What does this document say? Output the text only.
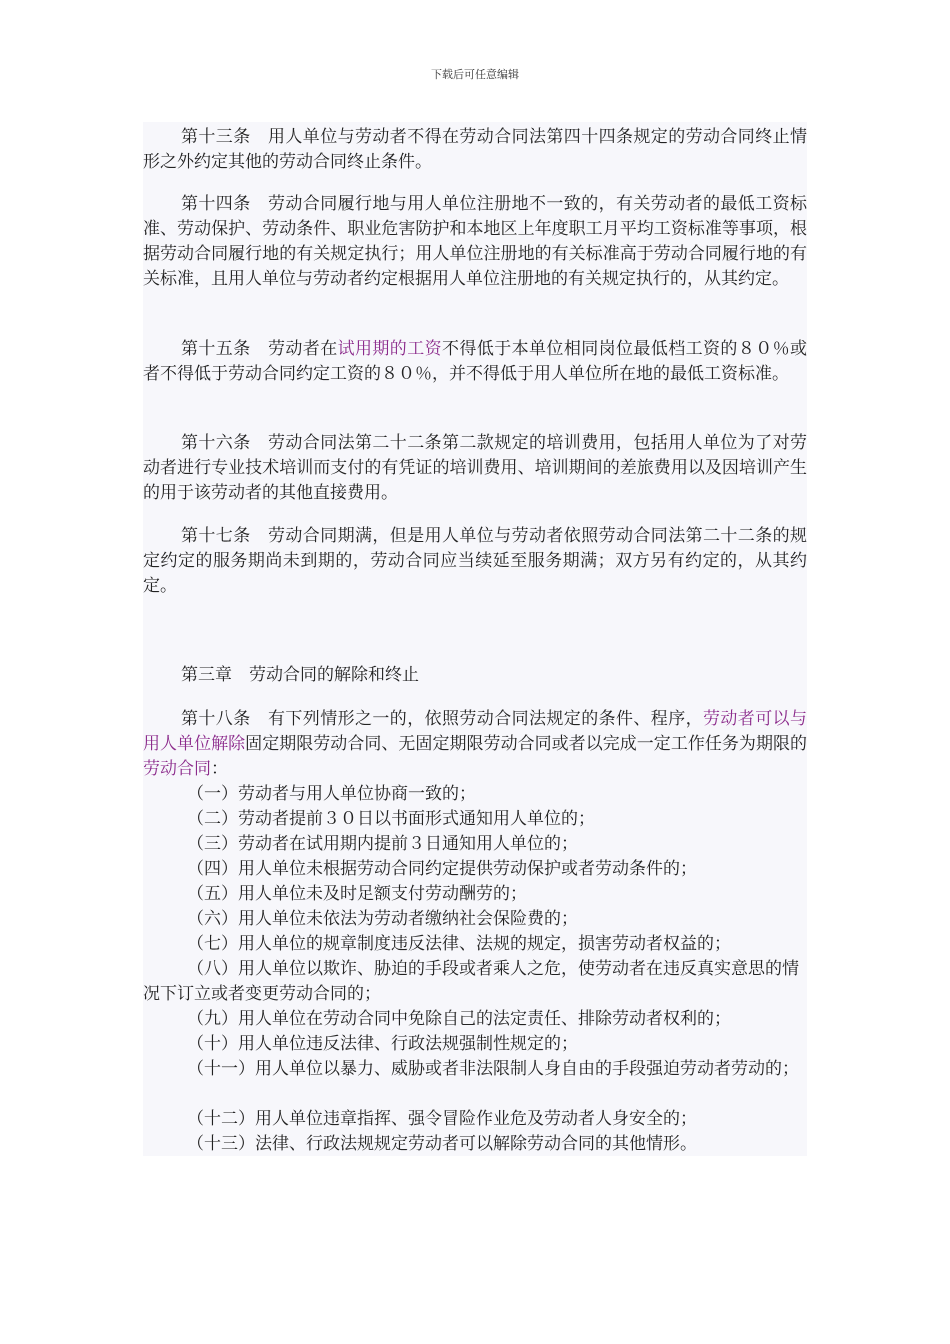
下载后可任意编辑

第十三条　用人单位与劳动者不得在劳动合同法第四十四条规定的劳动合同终止情形之外约定其他的劳动合同终止条件。

第十四条　劳动合同履行地与用人单位注册地不一致的，有关劳动者的最低工资标准、劳动保护、劳动条件、职业危害防护和本地区上年度职工月平均工资标准等事项，根据劳动合同履行地的有关规定执行；用人单位注册地的有关标准高于劳动合同履行地的有关标准，且用人单位与劳动者约定根据用人单位注册地的有关规定执行的，从其约定。

第十五条　劳动者在试用期的工资不得低于本单位相同岗位最低档工资的８０％或者不得低于劳动合同约定工资的８０％，并不得低于用人单位所在地的最低工资标准。

第十六条　劳动合同法第二十二条第二款规定的培训费用，包括用人单位为了对劳动者进行专业技术培训而支付的有凭证的培训费用、培训期间的差旅费用以及因培训产生的用于该劳动者的其他直接费用。

第十七条　劳动合同期满，但是用人单位与劳动者依照劳动合同法第二十二条的规定约定的服务期尚未到期的，劳动合同应当续延至服务期满；双方另有约定的，从其约定。

第三章　劳动合同的解除和终止

第十八条　有下列情形之一的，依照劳动合同法规定的条件、程序，劳动者可以与用人单位解除固定期限劳动合同、无固定期限劳动合同或者以完成一定工作任务为期限的劳动合同：

（一）劳动者与用人单位协商一致的；

（二）劳动者提前３０日以书面形式通知用人单位的；

（三）劳动者在试用期内提前３日通知用人单位的；

（四）用人单位未根据劳动合同约定提供劳动保护或者劳动条件的；

（五）用人单位未及时足额支付劳动酬劳的；

（六）用人单位未依法为劳动者缴纳社会保险费的；

（七）用人单位的规章制度违反法律、法规的规定，损害劳动者权益的；

（八）用人单位以欺诈、胁迫的手段或者乘人之危，使劳动者在违反真实意思的情况下订立或者变更劳动合同的；

（九）用人单位在劳动合同中免除自己的法定责任、排除劳动者权利的；

（十）用人单位违反法律、行政法规强制性规定的；

（十一）用人单位以暴力、威胁或者非法限制人身自由的手段强迫劳动者劳动的；

（十二）用人单位违章指挥、强令冒险作业危及劳动者人身安全的；

（十三）法律、行政法规规定劳动者可以解除劳动合同的其他情形。
